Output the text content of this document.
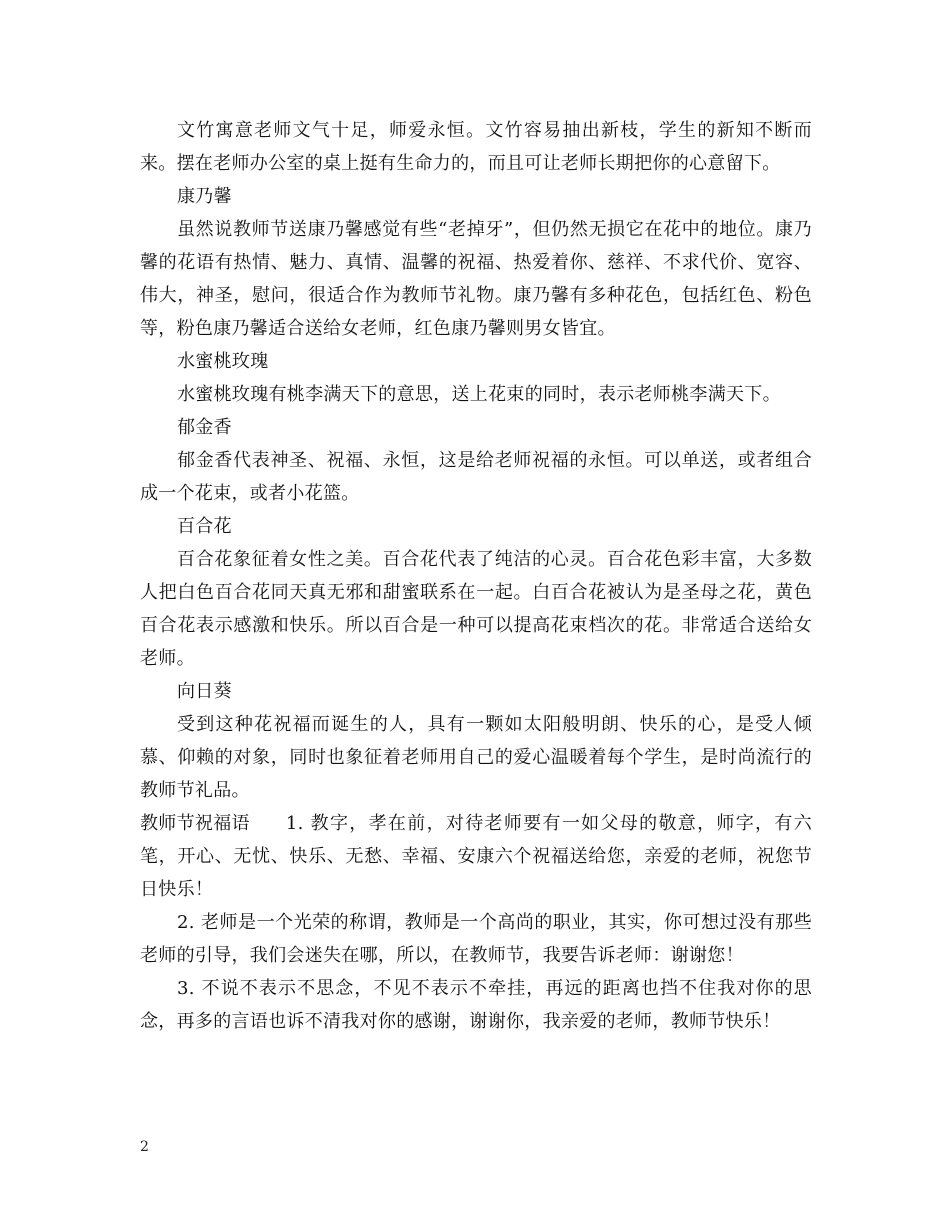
文竹寓意老师文气十足，师爱永恒。文竹容易抽出新枝，学生的新知不断而来。摆在老师办公室的桌上挺有生命力的，而且可让老师长期把你的心意留下。

康乃馨

虽然说教师节送康乃馨感觉有些“老掉牙”，但仍然无损它在花中的地位。康乃馨的花语有热情、魅力、真情、温馨的祝福、热爱着你、慈祥、不求代价、宽容、伟大，神圣，慰问，很适合作为教师节礼物。康乃馨有多种花色，包括红色、粉色等，粉色康乃馨适合送给女老师，红色康乃馨则男女皆宜。

水蜜桃玫瑰

水蜜桃玫瑰有桃李满天下的意思，送上花束的同时，表示老师桃李满天下。

郁金香

郁金香代表神圣、祝福、永恒，这是给老师祝福的永恒。可以单送，或者组合成一个花束，或者小花篮。

百合花

百合花象征着女性之美。百合花代表了纯洁的心灵。百合花色彩丰富，大多数人把白色百合花同天真无邪和甜蜜联系在一起。白百合花被认为是圣母之花，黄色百合花表示感激和快乐。所以百合是一种可以提高花束档次的花。非常适合送给女老师。

向日葵

受到这种花祝福而诞生的人，具有一颗如太阳般明朗、快乐的心，是受人倾慕、仰赖的对象，同时也象征着老师用自己的爱心温暖着每个学生，是时尚流行的教师节礼品。

教师节祝福语 1. 教字，孝在前，对待老师要有一如父母的敬意，师字，有六笔，开心、无忧、快乐、无愁、幸福、安康六个祝福送给您，亲爱的老师，祝您节日快乐！

2. 老师是一个光荣的称谓，教师是一个高尚的职业，其实，你可想过没有那些老师的引导，我们会迷失在哪，所以，在教师节，我要告诉老师：谢谢您！

3. 不说不表示不思念，不见不表示不牵挂，再远的距离也挡不住我对你的思念，再多的言语也诉不清我对你的感谢，谢谢你，我亲爱的老师，教师节快乐！

2
